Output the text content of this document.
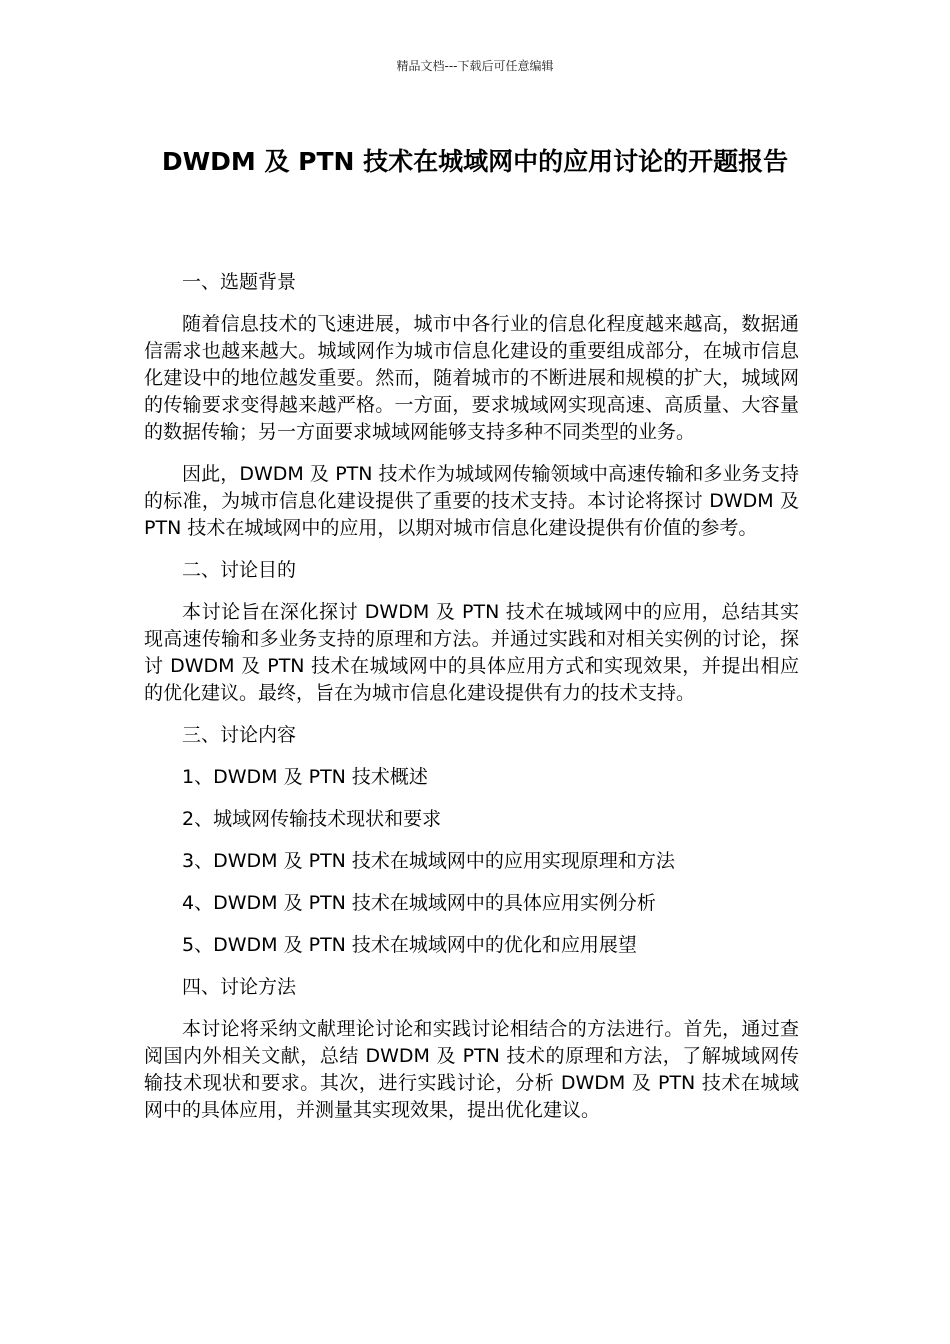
精品文档---下载后可任意编辑
DWDM 及 PTN 技术在城域网中的应用讨论的开题报告

一、选题背景

随着信息技术的飞速进展，城市中各行业的信息化程度越来越高，数据通信需求也越来越大。城域网作为城市信息化建设的重要组成部分，在城市信息化建设中的地位越发重要。然而，随着城市的不断进展和规模的扩大，城域网的传输要求变得越来越严格。一方面，要求城域网实现高速、高质量、大容量的数据传输；另一方面要求城域网能够支持多种不同类型的业务。

因此，DWDM 及 PTN 技术作为城域网传输领域中高速传输和多业务支持的标准，为城市信息化建设提供了重要的技术支持。本讨论将探讨 DWDM 及 PTN 技术在城域网中的应用，以期对城市信息化建设提供有价值的参考。

二、讨论目的

本讨论旨在深化探讨 DWDM 及 PTN 技术在城域网中的应用，总结其实现高速传输和多业务支持的原理和方法。并通过实践和对相关实例的讨论，探讨 DWDM 及 PTN 技术在城域网中的具体应用方式和实现效果，并提出相应的优化建议。最终，旨在为城市信息化建设提供有力的技术支持。

三、讨论内容

1、DWDM 及 PTN 技术概述

2、城域网传输技术现状和要求

3、DWDM 及 PTN 技术在城域网中的应用实现原理和方法

4、DWDM 及 PTN 技术在城域网中的具体应用实例分析

5、DWDM 及 PTN 技术在城域网中的优化和应用展望

四、讨论方法

本讨论将采纳文献理论讨论和实践讨论相结合的方法进行。首先，通过查阅国内外相关文献，总结 DWDM 及 PTN 技术的原理和方法，了解城域网传输技术现状和要求。其次，进行实践讨论，分析 DWDM 及 PTN 技术在城域网中的具体应用，并测量其实现效果，提出优化建议。
